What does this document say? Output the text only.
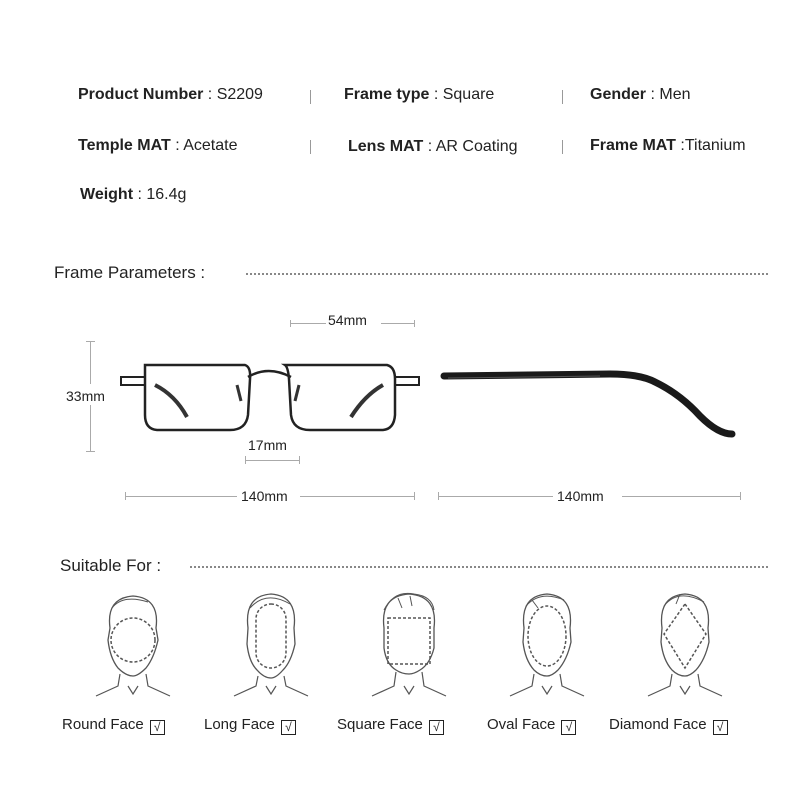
Product Number : S2209	Frame type : Square	Gender : Men
Temple MAT : Acetate	Lens MAT : AR Coating	Frame MAT :Titanium
Weight : 16.4g
Frame Parameters :
54mm
33mm
17mm
140mm	140mm
Suitable For :
Round Face √	Long Face √	Square Face √	Oval Face √ Diamond Face √
